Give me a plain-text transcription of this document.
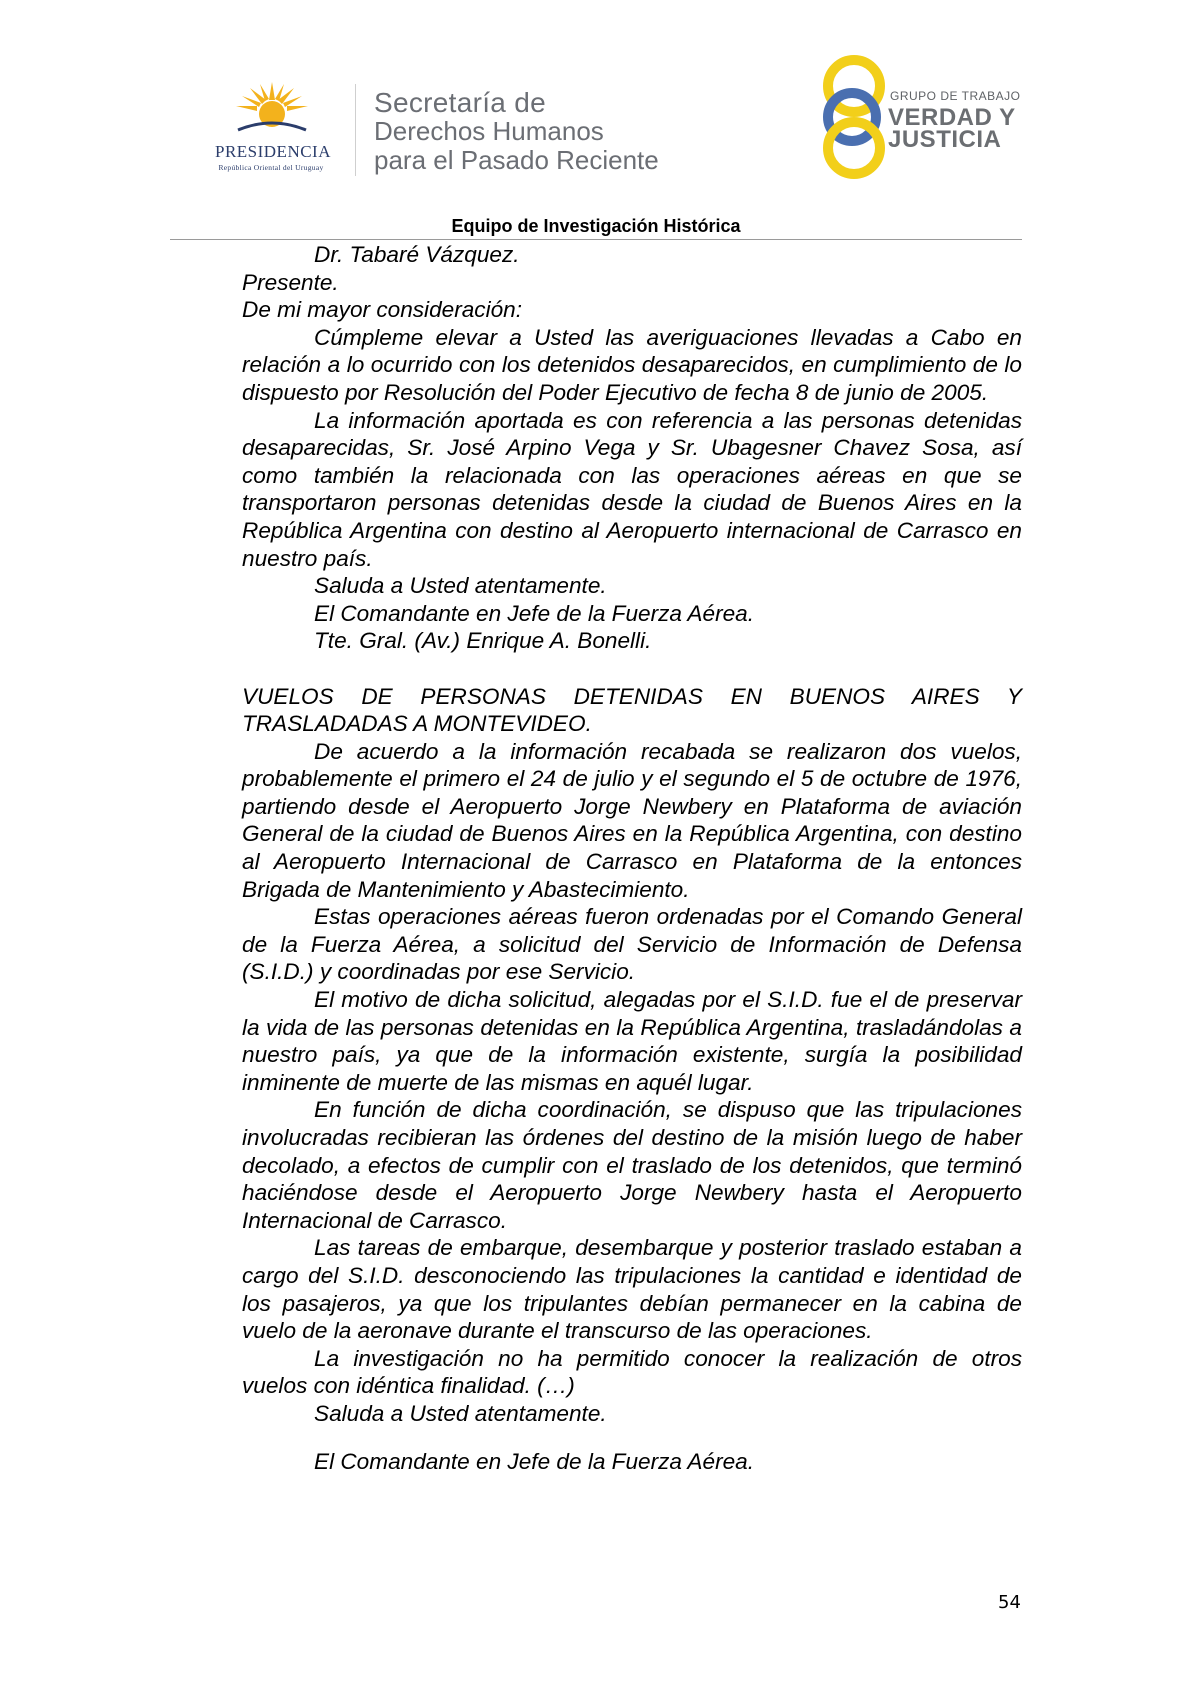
PRESIDENCIA
República Oriental del Uruguay
Secretaría de
Derechos Humanos
para el Pasado Reciente
GRUPO DE TRABAJO
VERDAD Y
JUSTICIA
Equipo de Investigación Histórica

Dr. Tabaré Vázquez.

Presente.

De mi mayor consideración:

Cúmpleme elevar a Usted las averiguaciones llevadas a Cabo en relación a lo ocurrido con los detenidos desaparecidos, en cumplimiento de lo dispuesto por Resolución del Poder Ejecutivo de fecha 8 de junio de 2005.

La información aportada es con referencia a las personas detenidas desaparecidas, Sr. José Arpino Vega y Sr. Ubagesner Chavez Sosa, así como también la relacionada con las operaciones aéreas en que se transportaron personas detenidas desde la ciudad de Buenos Aires en la República Argentina con destino al Aeropuerto internacional de Carrasco en nuestro país.

Saluda a Usted atentamente.

El Comandante en Jefe de la Fuerza Aérea.

Tte. Gral. (Av.) Enrique A. Bonelli.

VUELOS DE PERSONAS DETENIDAS EN BUENOS AIRES Y TRASLADADAS A MONTEVIDEO.

De acuerdo a la información recabada se realizaron dos vuelos, probablemente el primero el 24 de julio y el segundo el 5 de octubre de 1976, partiendo desde el Aeropuerto Jorge Newbery en Plataforma de aviación General de la ciudad de Buenos Aires en la República Argentina, con destino al Aeropuerto Internacional de Carrasco en Plataforma de la entonces Brigada de Mantenimiento y Abastecimiento.

Estas operaciones aéreas fueron ordenadas por el Comando General de la Fuerza Aérea, a solicitud del Servicio de Información de Defensa (S.I.D.) y coordinadas por ese Servicio.

El motivo de dicha solicitud, alegadas por el S.I.D. fue el de preservar la vida de las personas detenidas en la República Argentina, trasladándolas a nuestro país, ya que de la información existente, surgía la posibilidad inminente de muerte de las mismas en aquél lugar.

En función de dicha coordinación, se dispuso que las tripulaciones involucradas recibieran las órdenes del destino de la misión luego de haber decolado, a efectos de cumplir con el traslado de los detenidos, que terminó haciéndose desde el Aeropuerto Jorge Newbery hasta el Aeropuerto Internacional de Carrasco.

Las tareas de embarque, desembarque y posterior traslado estaban a cargo del S.I.D. desconociendo las tripulaciones la cantidad e identidad de los pasajeros, ya que los tripulantes debían permanecer en la cabina de vuelo de la aeronave durante el transcurso de las operaciones.

La investigación no ha permitido conocer la realización de otros vuelos con idéntica finalidad. (…)

Saluda a Usted atentamente.

El Comandante en Jefe de la Fuerza Aérea.

54
